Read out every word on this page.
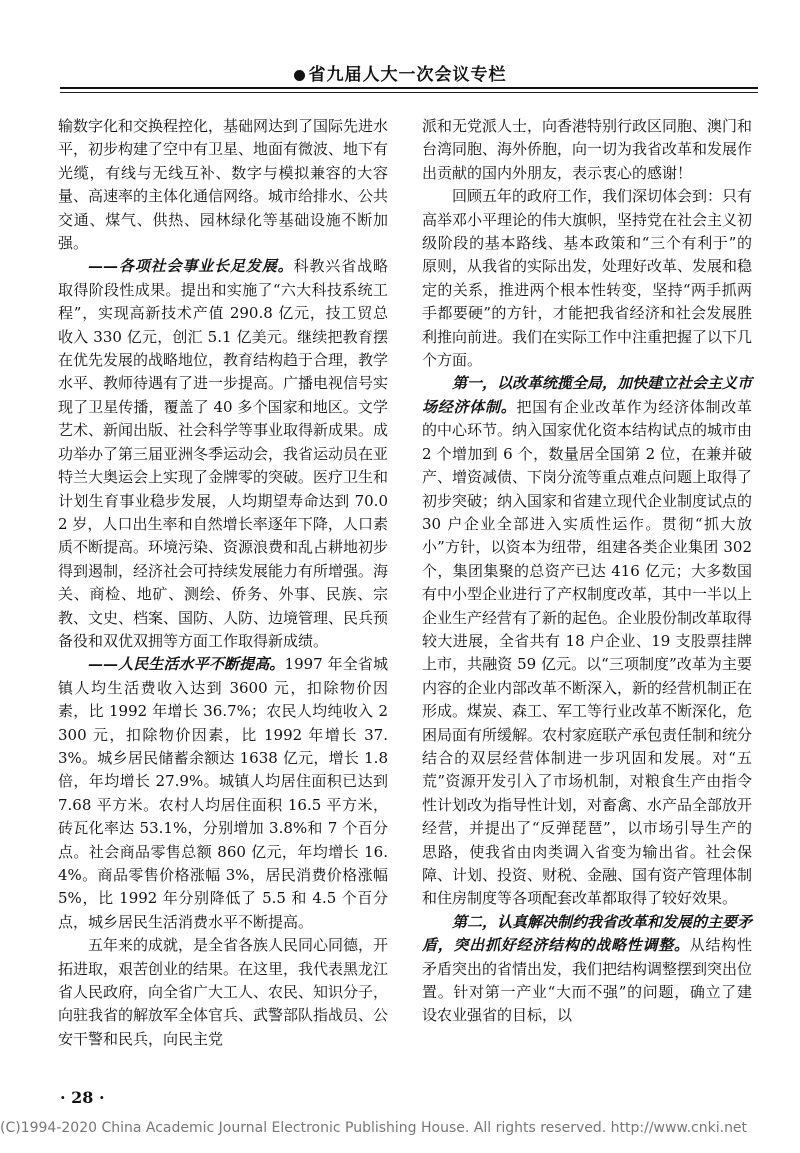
省九届人大一次会议专栏

输数字化和交换程控化，基础网达到了国际先进水平，初步构建了空中有卫星、地面有微波、地下有光缆，有线与无线互补、数字与模拟兼容的大容量、高速率的主体化通信网络。城市给排水、公共交通、煤气、供热、园林绿化等基础设施不断加强。

——各项社会事业长足发展。科教兴省战略取得阶段性成果。提出和实施了“六大科技系统工程”，实现高新技术产值 290.8 亿元，技工贸总收入 330 亿元，创汇 5.1 亿美元。继续把教育摆在优先发展的战略地位，教育结构趋于合理，教学水平、教师待遇有了进一步提高。广播电视信号实现了卫星传播，覆盖了 40 多个国家和地区。文学艺术、新闻出版、社会科学等事业取得新成果。成功举办了第三届亚洲冬季运动会，我省运动员在亚特兰大奥运会上实现了金牌零的突破。医疗卫生和计划生育事业稳步发展，人均期望寿命达到 70.02 岁，人口出生率和自然增长率逐年下降，人口素质不断提高。环境污染、资源浪费和乱占耕地初步得到遏制，经济社会可持续发展能力有所增强。海关、商检、地矿、测绘、侨务、外事、民族、宗教、文史、档案、国防、人防、边境管理、民兵预备役和双优双拥等方面工作取得新成绩。

——人民生活水平不断提高。1997 年全省城镇人均生活费收入达到 3600 元，扣除物价因素，比 1992 年增长 36.7%；农民人均纯收入 2300 元，扣除物价因素，比 1992 年增长 37.3%。城乡居民储蓄余额达 1638 亿元，增长 1.8 倍，年均增长 27.9%。城镇人均居住面积已达到 7.68 平方米。农村人均居住面积 16.5 平方米，砖瓦化率达 53.1%，分别增加 3.8%和 7 个百分点。社会商品零售总额 860 亿元，年均增长 16.4%。商品零售价格涨幅 3%，居民消费价格涨幅 5%，比 1992 年分别降低了 5.5 和 4.5 个百分点，城乡居民生活消费水平不断提高。

五年来的成就，是全省各族人民同心同德，开拓进取，艰苦创业的结果。在这里，我代表黑龙江省人民政府，向全省广大工人、农民、知识分子，向驻我省的解放军全体官兵、武警部队指战员、公安干警和民兵，向民主党

派和无党派人士，向香港特别行政区同胞、澳门和台湾同胞、海外侨胞，向一切为我省改革和发展作出贡献的国内外朋友，表示衷心的感谢！

回顾五年的政府工作，我们深切体会到：只有高举邓小平理论的伟大旗帜，坚持党在社会主义初级阶段的基本路线、基本政策和“三个有利于”的原则，从我省的实际出发，处理好改革、发展和稳定的关系，推进两个根本性转变，坚持“两手抓两手都要硬”的方针，才能把我省经济和社会发展胜利推向前进。我们在实际工作中注重把握了以下几个方面。

第一，以改革统揽全局，加快建立社会主义市场经济体制。把国有企业改革作为经济体制改革的中心环节。纳入国家优化资本结构试点的城市由 2 个增加到 6 个，数量居全国第 2 位，在兼并破产、增资减债、下岗分流等重点难点问题上取得了初步突破；纳入国家和省建立现代企业制度试点的 30 户企业全部进入实质性运作。贯彻“抓大放小”方针，以资本为纽带，组建各类企业集团 302 个，集团集聚的总资产已达 416 亿元；大多数国有中小型企业进行了产权制度改革，其中一半以上企业生产经营有了新的起色。企业股份制改革取得较大进展，全省共有 18 户企业、19 支股票挂牌上市，共融资 59 亿元。以“三项制度”改革为主要内容的企业内部改革不断深入，新的经营机制正在形成。煤炭、森工、军工等行业改革不断深化，危困局面有所缓解。农村家庭联产承包责任制和统分结合的双层经营体制进一步巩固和发展。对“五荒”资源开发引入了市场机制，对粮食生产由指令性计划改为指导性计划，对畜禽、水产品全部放开经营，并提出了“反弹琵琶”，以市场引导生产的思路，使我省由肉类调入省变为输出省。社会保障、计划、投资、财税、金融、国有资产管理体制和住房制度等各项配套改革都取得了较好效果。

第二，认真解决制约我省改革和发展的主要矛盾，突出抓好经济结构的战略性调整。从结构性矛盾突出的省情出发，我们把结构调整摆到突出位置。针对第一产业“大而不强”的问题，确立了建设农业强省的目标，以

· 28 ·
(C)1994-2020 China Academic Journal Electronic Publishing House. All rights reserved. http://www.cnki.net
